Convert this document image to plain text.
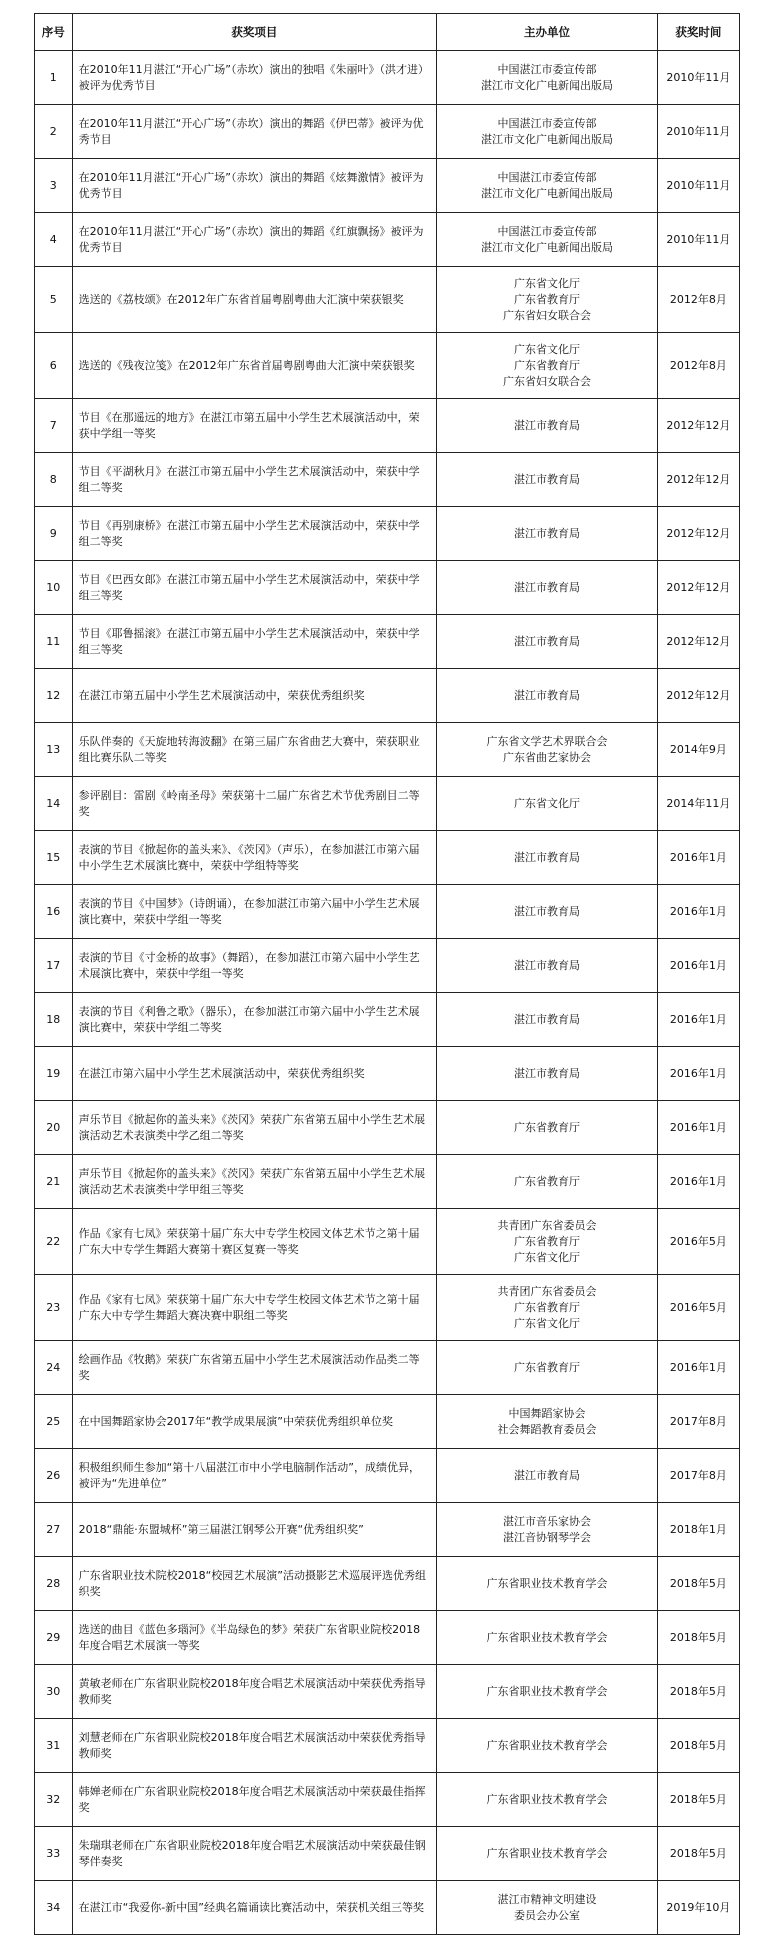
序号	获奖项目	主办单位	获奖时间
1	在2010年11月湛江“开心广场”（赤坎）演出的独唱《朱丽叶》（洪才进）被评为优秀节目	中国湛江市委宣传部
湛江市文化广电新闻出版局	2010年11月
2	在2010年11月湛江“开心广场”（赤坎）演出的舞蹈《伊巴蒂》被评为优秀节目	中国湛江市委宣传部
湛江市文化广电新闻出版局	2010年11月
3	在2010年11月湛江“开心广场”（赤坎）演出的舞蹈《炫舞激情》被评为优秀节目	中国湛江市委宣传部
湛江市文化广电新闻出版局	2010年11月
4	在2010年11月湛江“开心广场”（赤坎）演出的舞蹈《红旗飘扬》被评为优秀节目	中国湛江市委宣传部
湛江市文化广电新闻出版局	2010年11月
5	选送的《荔枝颂》在2012年广东省首届粤剧粤曲大汇演中荣获银奖	广东省文化厅
广东省教育厅
广东省妇女联合会	2012年8月
6	选送的《残夜泣笺》在2012年广东省首届粤剧粤曲大汇演中荣获银奖	广东省文化厅
广东省教育厅
广东省妇女联合会	2012年8月
7	节目《在那遥远的地方》在湛江市第五届中小学生艺术展演活动中，荣获中学组一等奖	湛江市教育局	2012年12月
8	节目《平湖秋月》在湛江市第五届中小学生艺术展演活动中，荣获中学组二等奖	湛江市教育局	2012年12月
9	节目《再别康桥》在湛江市第五届中小学生艺术展演活动中，荣获中学组二等奖	湛江市教育局	2012年12月
10	节目《巴西女郎》在湛江市第五届中小学生艺术展演活动中，荣获中学组三等奖	湛江市教育局	2012年12月
11	节目《耶鲁摇滚》在湛江市第五届中小学生艺术展演活动中，荣获中学组三等奖	湛江市教育局	2012年12月
12	在湛江市第五届中小学生艺术展演活动中，荣获优秀组织奖	湛江市教育局	2012年12月
13	乐队伴奏的《天旋地转海波翻》在第三届广东省曲艺大赛中，荣获职业组比赛乐队二等奖	广东省文学艺术界联合会
广东省曲艺家协会	2014年9月
14	参评剧目：雷剧《岭南圣母》荣获第十二届广东省艺术节优秀剧目二等奖	广东省文化厅	2014年11月
15	表演的节目《掀起你的盖头来》、《茨冈》（声乐），在参加湛江市第六届中小学生艺术展演比赛中，荣获中学组特等奖	湛江市教育局	2016年1月
16	表演的节目《中国梦》（诗朗诵），在参加湛江市第六届中小学生艺术展演比赛中，荣获中学组一等奖	湛江市教育局	2016年1月
17	表演的节目《寸金桥的故事》（舞蹈），在参加湛江市第六届中小学生艺术展演比赛中，荣获中学组一等奖	湛江市教育局	2016年1月
18	表演的节目《利鲁之歌》（器乐），在参加湛江市第六届中小学生艺术展演比赛中，荣获中学组二等奖	湛江市教育局	2016年1月
19	在湛江市第六届中小学生艺术展演活动中，荣获优秀组织奖	湛江市教育局	2016年1月
20	声乐节目《掀起你的盖头来》《茨冈》荣获广东省第五届中小学生艺术展演活动艺术表演类中学乙组二等奖	广东省教育厅	2016年1月
21	声乐节目《掀起你的盖头来》《茨冈》荣获广东省第五届中小学生艺术展演活动艺术表演类中学甲组三等奖	广东省教育厅	2016年1月
22	作品《家有七凤》荣获第十届广东大中专学生校园文体艺术节之第十届广东大中专学生舞蹈大赛第十赛区复赛一等奖	共青团广东省委员会
广东省教育厅
广东省文化厅	2016年5月
23	作品《家有七凤》荣获第十届广东大中专学生校园文体艺术节之第十届广东大中专学生舞蹈大赛决赛中职组二等奖	共青团广东省委员会
广东省教育厅
广东省文化厅	2016年5月
24	绘画作品《牧鹅》荣获广东省第五届中小学生艺术展演活动作品类二等奖	广东省教育厅	2016年1月
25	在中国舞蹈家协会2017年“教学成果展演”中荣获优秀组织单位奖	中国舞蹈家协会
社会舞蹈教育委员会	2017年8月
26	积极组织师生参加“第十八届湛江市中小学电脑制作活动”，成绩优异，被评为“先进单位”	湛江市教育局	2017年8月
27	2018“鼎能·东盟城杯”第三届湛江钢琴公开赛“优秀组织奖”	湛江市音乐家协会
湛江音协钢琴学会	2018年1月
28	广东省职业技术院校2018“校园艺术展演”活动摄影艺术巡展评选优秀组织奖	广东省职业技术教育学会	2018年5月
29	选送的曲目《蓝色多瑙河》《半岛绿色的梦》荣获广东省职业院校2018年度合唱艺术展演一等奖	广东省职业技术教育学会	2018年5月
30	黄敏老师在广东省职业院校2018年度合唱艺术展演活动中荣获优秀指导教师奖	广东省职业技术教育学会	2018年5月
31	刘慧老师在广东省职业院校2018年度合唱艺术展演活动中荣获优秀指导教师奖	广东省职业技术教育学会	2018年5月
32	韩婵老师在广东省职业院校2018年度合唱艺术展演活动中荣获最佳指挥奖	广东省职业技术教育学会	2018年5月
33	朱瑞琪老师在广东省职业院校2018年度合唱艺术展演活动中荣获最佳钢琴伴奏奖	广东省职业技术教育学会	2018年5月
34	在湛江市“我爱你-新中国”经典名篇诵读比赛活动中，荣获机关组三等奖	湛江市精神文明建设
委员会办公室	2019年10月
